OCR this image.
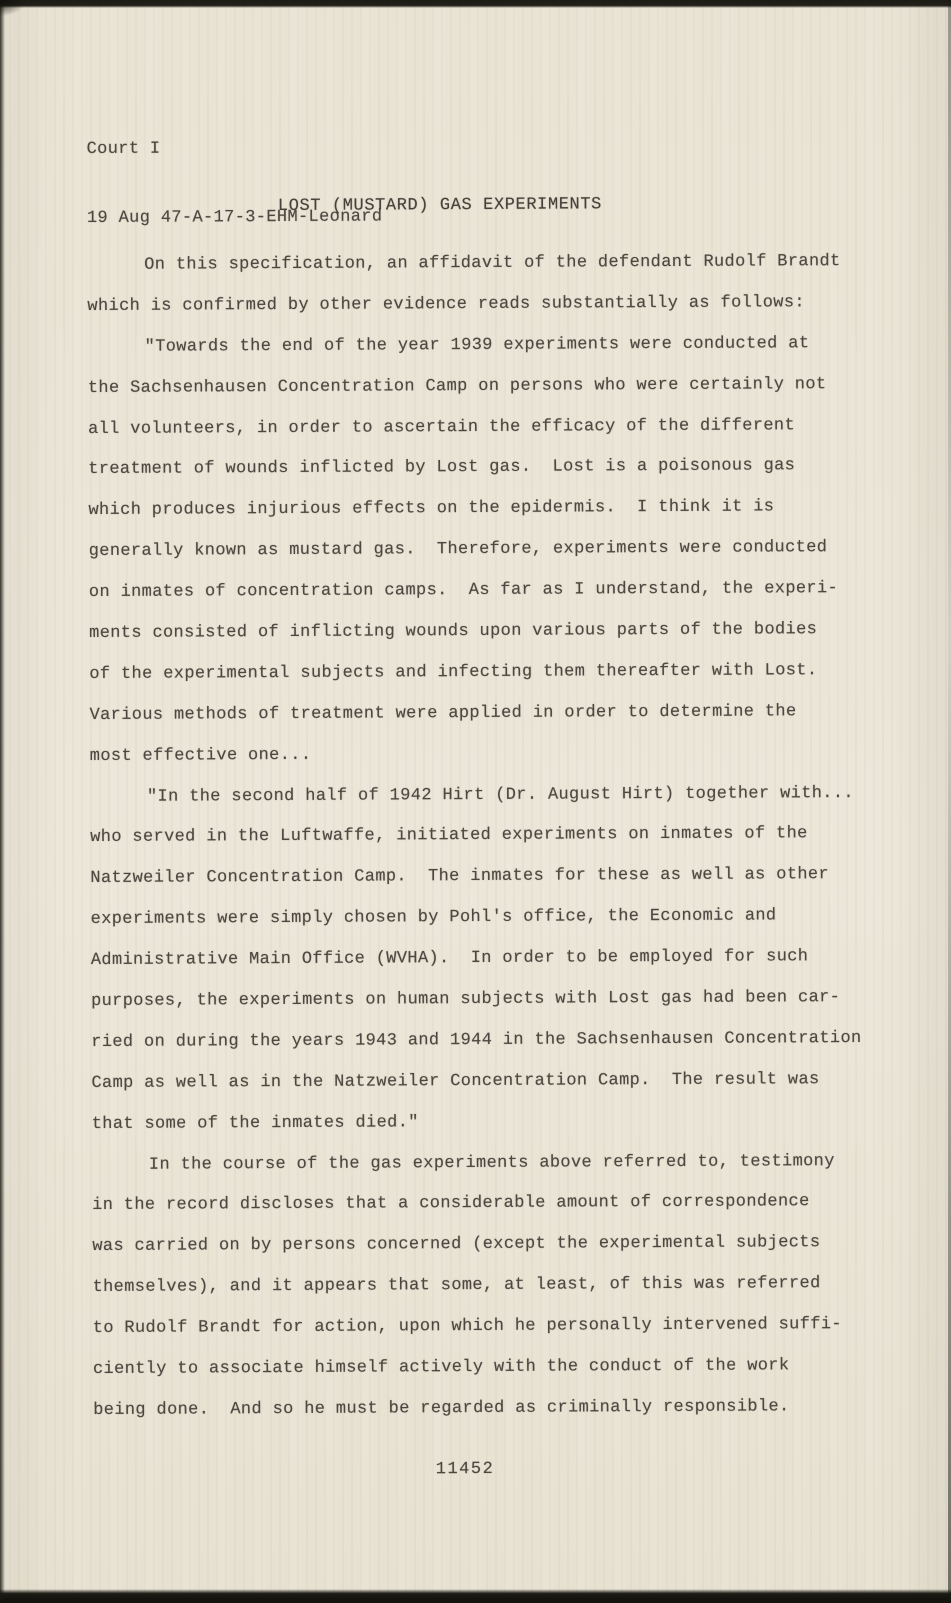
Court I

19 Aug 47-A-17-3-EHM-Leonard

LOST (MUSTARD) GAS EXPERIMENTS
On this specification, an affidavit of the defendant Rudolf Brandt
which is confirmed by other evidence reads substantially as follows:
"Towards the end of the year 1939 experiments were conducted at
the Sachsenhausen Concentration Camp on persons who were certainly not
all volunteers, in order to ascertain the efficacy of the different
treatment of wounds inflicted by Lost gas.  Lost is a poisonous gas
which produces injurious effects on the epidermis.  I think it is
generally known as mustard gas.  Therefore, experiments were conducted
on inmates of concentration camps.  As far as I understand, the experi-
ments consisted of inflicting wounds upon various parts of the bodies
of the experimental subjects and infecting them thereafter with Lost.
Various methods of treatment were applied in order to determine the
most effective one...
"In the second half of 1942 Hirt (Dr. August Hirt) together with...
who served in the Luftwaffe, initiated experiments on inmates of the
Natzweiler Concentration Camp.  The inmates for these as well as other
experiments were simply chosen by Pohl's office, the Economic and
Administrative Main Office (WVHA).  In order to be employed for such
purposes, the experiments on human subjects with Lost gas had been car-
ried on during the years 1943 and 1944 in the Sachsenhausen Concentration
Camp as well as in the Natzweiler Concentration Camp.  The result was
that some of the inmates died."
In the course of the gas experiments above referred to, testimony
in the record discloses that a considerable amount of correspondence
was carried on by persons concerned (except the experimental subjects
themselves), and it appears that some, at least, of this was referred
to Rudolf Brandt for action, upon which he personally intervened suffi-
ciently to associate himself actively with the conduct of the work
being done.  And so he must be regarded as criminally responsible.
11452
